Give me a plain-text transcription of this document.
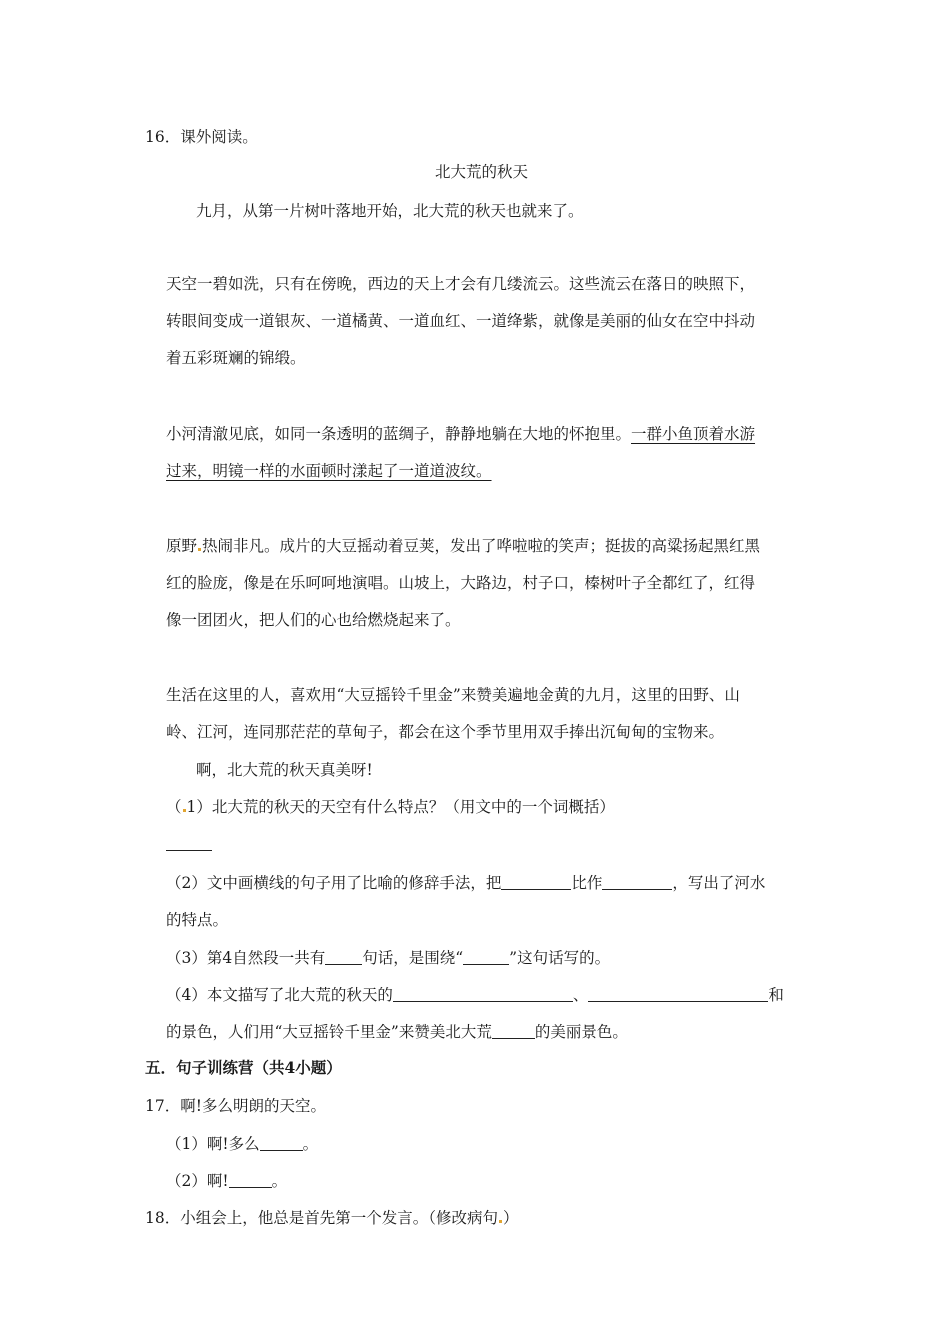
16．课外阅读。
北大荒的秋天
九月，从第一片树叶落地开始，北大荒的秋天也就来了。
天空一碧如洗，只有在傍晚，西边的天上才会有几缕流云。这些流云在落日的映照下，
转眼间变成一道银灰、一道橘黄、一道血红、一道绛紫，就像是美丽的仙女在空中抖动
着五彩斑斓的锦缎。
小河清澈见底，如同一条透明的蓝绸子，静静地躺在大地的怀抱里。一群小鱼顶着水游
过来，明镜一样的水面顿时漾起了一道道波纹。
原野 热闹非凡。成片的大豆摇动着豆荚，发出了哗啦啦的笑声；挺拔的高粱扬起黑红黑
红的脸庞，像是在乐呵呵地演唱。山坡上，大路边，村子口，榛树叶子全都红了，红得
像一团团火，把人们的心也给燃烧起来了。
生活在这里的人，喜欢用“大豆摇铃千里金”来赞美遍地金黄的九月，这里的田野、山
岭、江河，连同那茫茫的草甸子，都会在这个季节里用双手捧出沉甸甸的宝物来。
啊，北大荒的秋天真美呀!
（ 1）北大荒的秋天的天空有什么特点？（用文中的一个词概括）
（2）文中画横线的句子用了比喻的修辞手法，把	比作	，写出了河水
的特点。
（3）第4自然段一共有 句话，是围绕“	”这句话写的。
（4）本文描写了北大荒的秋天的	、	和
的景色，人们用“大豆摇铃千里金”来赞美北大荒	的美丽景色。
五．句子训练营（共4小题）
17．啊!多么明朗的天空。
（1）啊!多么	。
（2）啊!	。
18．小组会上，他总是首先第一个发言。（修改病句 ）
